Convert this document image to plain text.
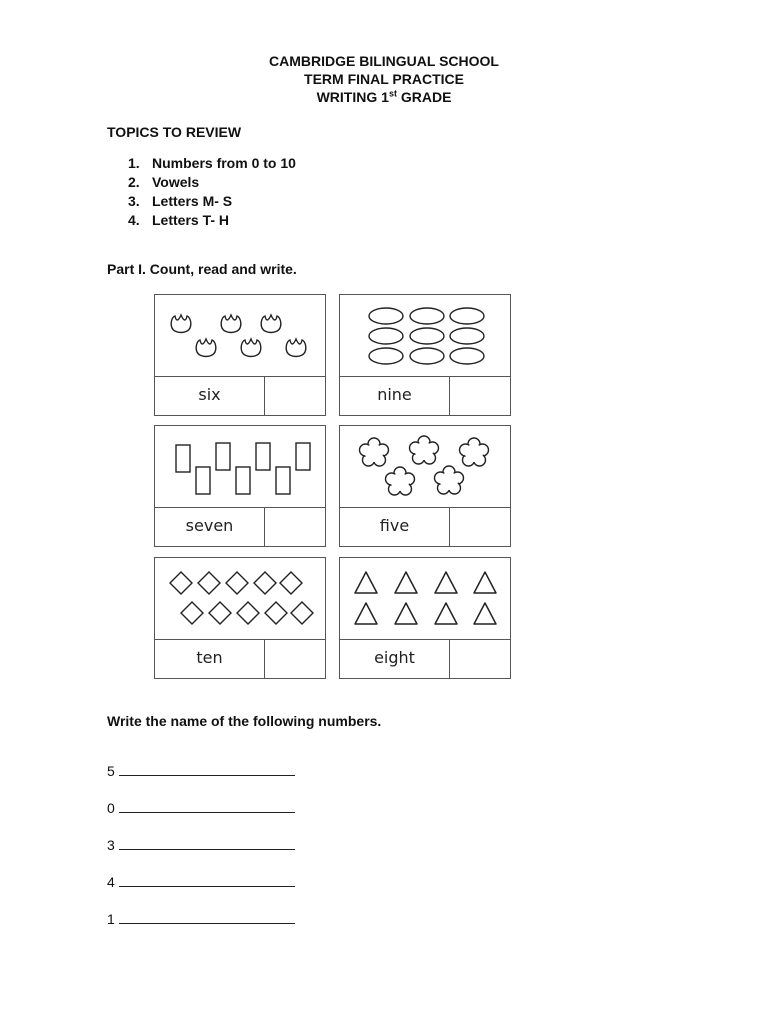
CAMBRIDGE BILINGUAL SCHOOL
TERM FINAL PRACTICE
WRITING 1st GRADE
TOPICS TO REVIEW
1. Numbers from 0 to 10
2. Vowels
3. Letters M- S
4. Letters T- H
Part I. Count, read and write.
six	nine
seven	five
ten	eight
Write the name of the following numbers.
5
0
3
4
1
